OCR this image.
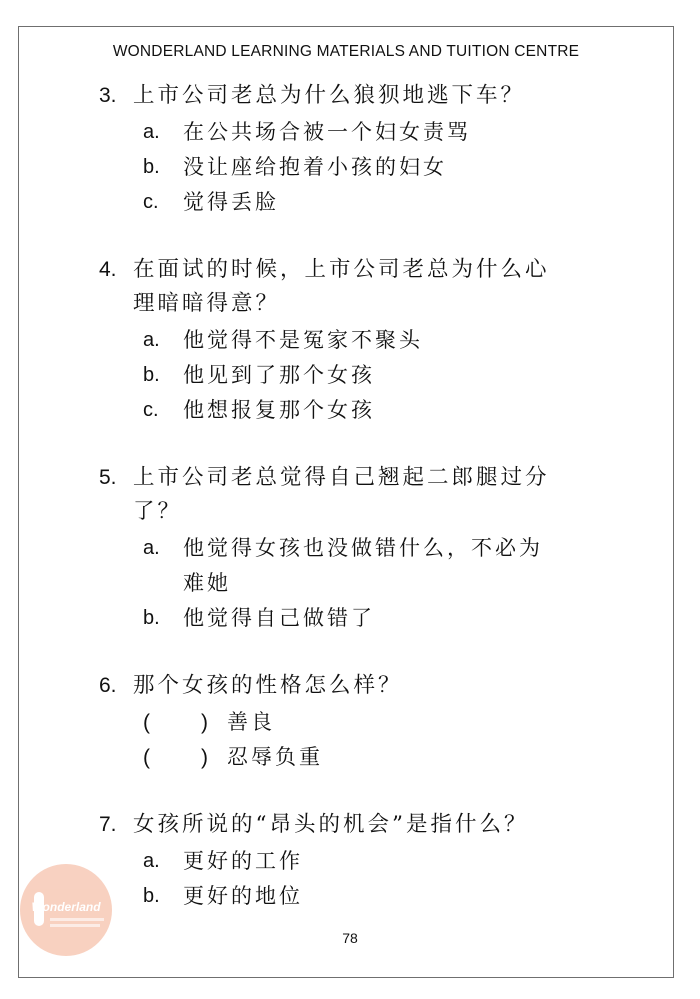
WONDERLAND LEARNING MATERIALS AND TUITION CENTRE
3. 上市公司老总为什么狼狈地逃下车？
a. 在公共场合被一个妇女责骂
b. 没让座给抱着小孩的妇女
c. 觉得丢脸
4. 在面试的时候，上市公司老总为什么心
理暗暗得意？
a. 他觉得不是冤家不聚头
b. 他见到了那个女孩
c. 他想报复那个女孩
5. 上市公司老总觉得自己翘起二郎腿过分
了？
a. 他觉得女孩也没做错什么，不必为
难她
b. 他觉得自己做错了
6. 那个女孩的性格怎么样？
( ) 善良
( ) 忍辱负重
7. 女孩所说的“昂头的机会”是指什么？
a. 更好的工作
b. 更好的地位
Wonderland
78
